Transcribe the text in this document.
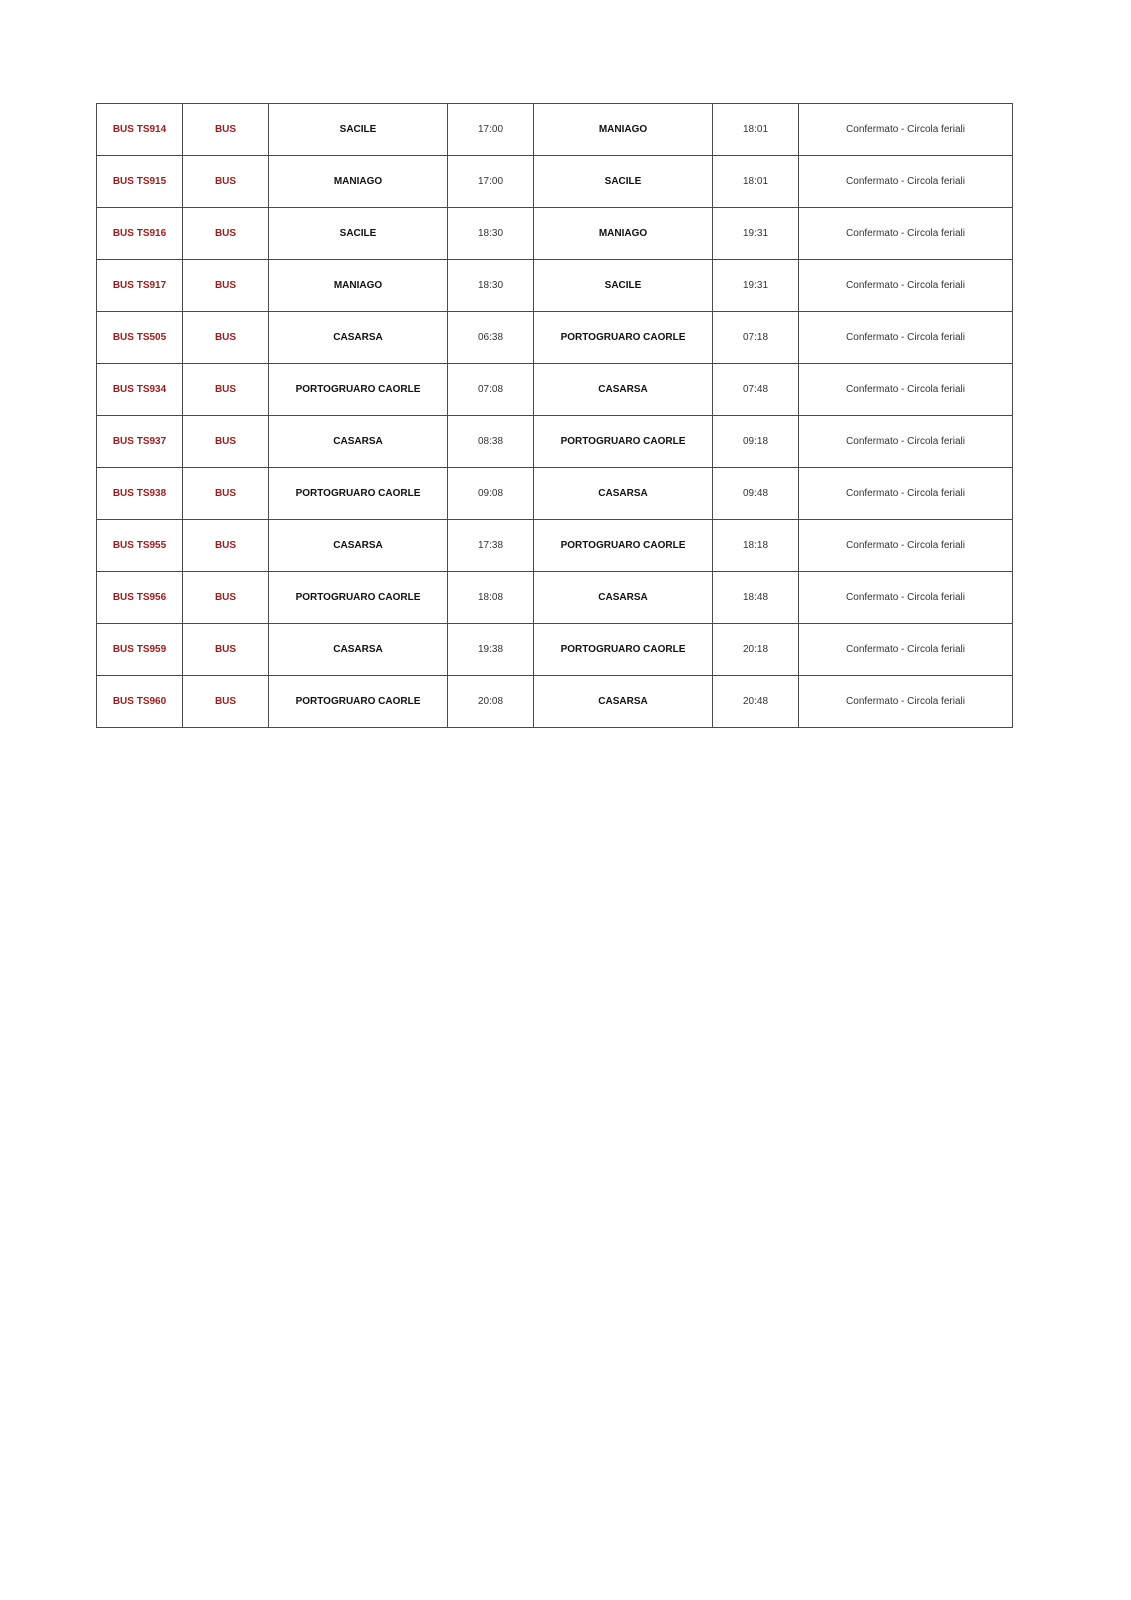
BUS TS914	BUS	SACILE	17:00	MANIAGO	18:01	Confermato - Circola feriali
BUS TS915	BUS	MANIAGO	17:00	SACILE	18:01	Confermato - Circola feriali
BUS TS916	BUS	SACILE	18:30	MANIAGO	19:31	Confermato - Circola feriali
BUS TS917	BUS	MANIAGO	18:30	SACILE	19:31	Confermato - Circola feriali
BUS TS505	BUS	CASARSA	06:38	PORTOGRUARO CAORLE	07:18	Confermato - Circola feriali
BUS TS934	BUS	PORTOGRUARO CAORLE	07:08	CASARSA	07:48	Confermato - Circola feriali
BUS TS937	BUS	CASARSA	08:38	PORTOGRUARO CAORLE	09:18	Confermato - Circola feriali
BUS TS938	BUS	PORTOGRUARO CAORLE	09:08	CASARSA	09:48	Confermato - Circola feriali
BUS TS955	BUS	CASARSA	17:38	PORTOGRUARO CAORLE	18:18	Confermato - Circola feriali
BUS TS956	BUS	PORTOGRUARO CAORLE	18:08	CASARSA	18:48	Confermato - Circola feriali
BUS TS959	BUS	CASARSA	19:38	PORTOGRUARO CAORLE	20:18	Confermato - Circola feriali
BUS TS960	BUS	PORTOGRUARO CAORLE	20:08	CASARSA	20:48	Confermato - Circola feriali
